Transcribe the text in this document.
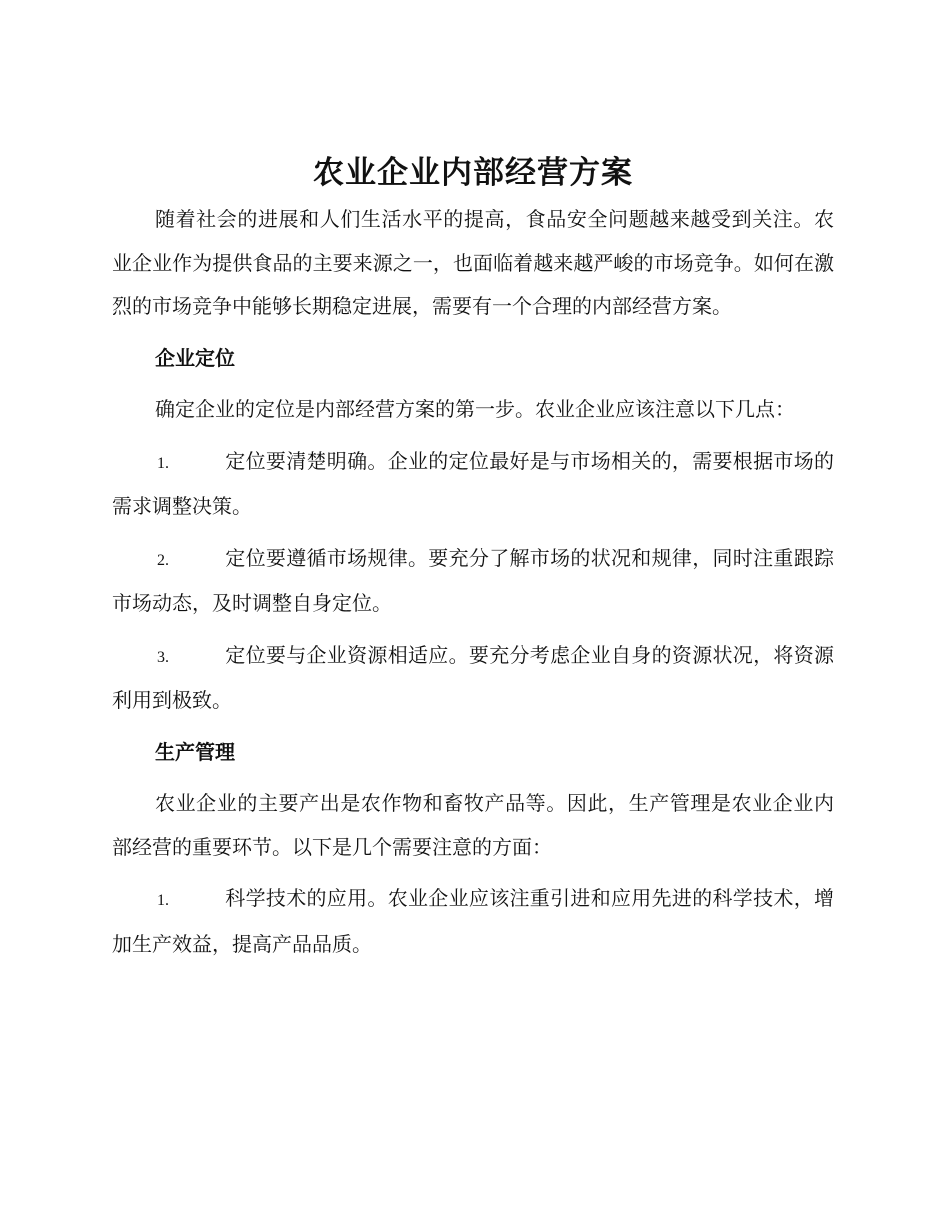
农业企业内部经营方案

随着社会的进展和人们生活水平的提高，食品安全问题越来越受到关注。农业企业作为提供食品的主要来源之一，也面临着越来越严峻的市场竞争。如何在激烈的市场竞争中能够长期稳定进展，需要有一个合理的内部经营方案。

企业定位

确定企业的定位是内部经营方案的第一步。农业企业应该注意以下几点：

1.	定位要清楚明确。企业的定位最好是与市场相关的，需要根据市场的需求调整决策。

2.	定位要遵循市场规律。要充分了解市场的状况和规律，同时注重跟踪市场动态，及时调整自身定位。

3.	定位要与企业资源相适应。要充分考虑企业自身的资源状况，将资源利用到极致。

生产管理

农业企业的主要产出是农作物和畜牧产品等。因此，生产管理是农业企业内部经营的重要环节。以下是几个需要注意的方面：

1.	科学技术的应用。农业企业应该注重引进和应用先进的科学技术，增加生产效益，提高产品品质。
